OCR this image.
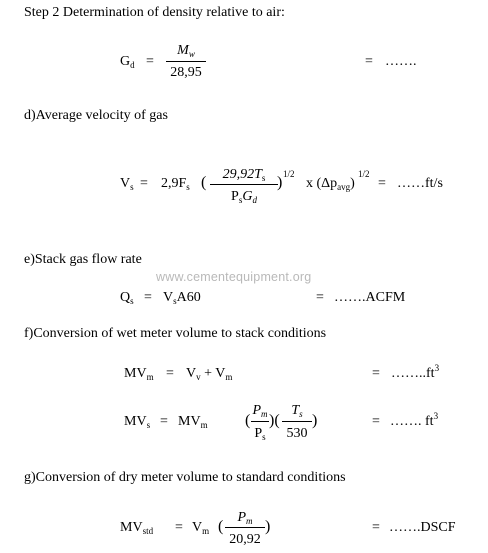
Step 2 Determination of density relative to air:
$G_d$ =
$M_w$
28,95
= …….
d)Average velocity of gas
$V_s = 2,9F_s$ (	$29,92T_s$
$P_sG_d$
) 1/2
x $(\Delta p_{avg})$
1/2
= ……ft/s
e)Stack gas flow rate
www.cementequipment.org
$Q_s = V_sA60$	= …….ACFM
f)Conversion of wet meter volume to stack conditions
$MV_m = V_v + V_m$	= $\dots\dots..ft^3$
$MV_s = MV_m$ (
$P_m$
$P_s$
)(
$T_s$
530
)	= ……. $ft^3$
g)Conversion of dry meter volume to standard conditions
$MV_{std} = V_m$ (
$P_m$
20,92
)	= …….DSCF
